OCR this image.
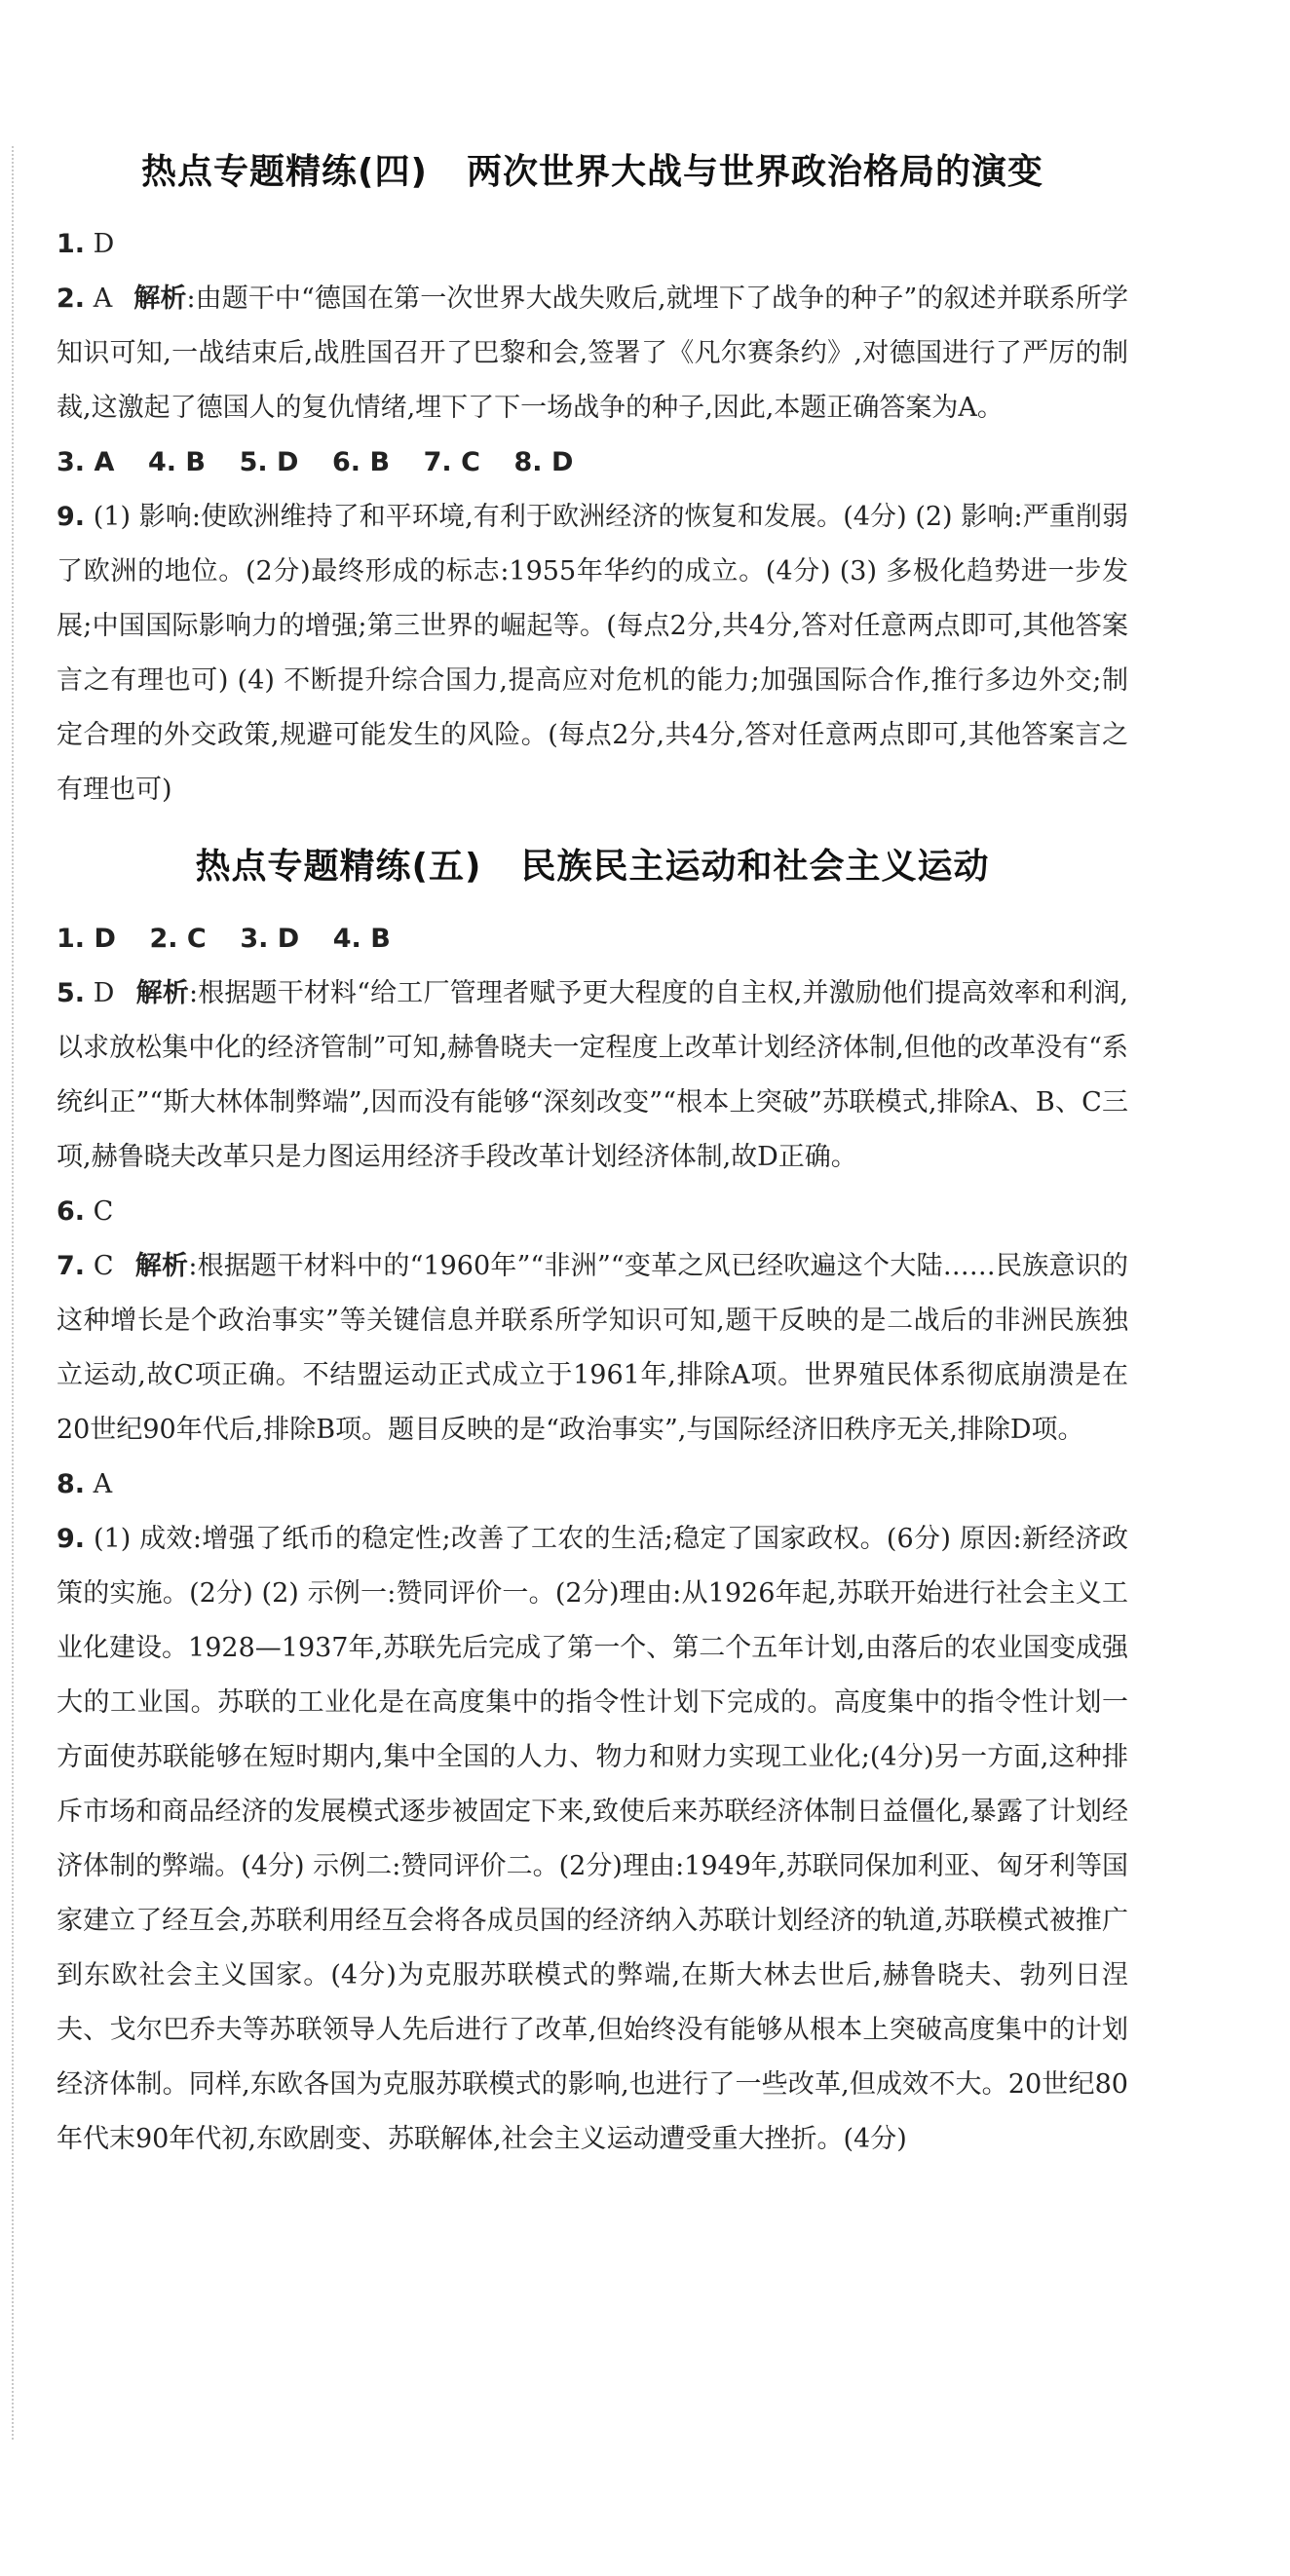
热点专题精练(四) 两次世界大战与世界政治格局的演变

1. D

2. A 解析:由题干中“德国在第一次世界大战失败后,就埋下了战争的种子”的叙述并联系所学知识可知,一战结束后,战胜国召开了巴黎和会,签署了《凡尔赛条约》,对德国进行了严厉的制裁,这激起了德国人的复仇情绪,埋下了下一场战争的种子,因此,本题正确答案为A。

3. A 4. B 5. D 6. B 7. C 8. D

9. (1) 影响:使欧洲维持了和平环境,有利于欧洲经济的恢复和发展。(4分) (2) 影响:严重削弱了欧洲的地位。(2分)最终形成的标志:1955年华约的成立。(4分) (3) 多极化趋势进一步发展;中国国际影响力的增强;第三世界的崛起等。(每点2分,共4分,答对任意两点即可,其他答案言之有理也可) (4) 不断提升综合国力,提高应对危机的能力;加强国际合作,推行多边外交;制定合理的外交政策,规避可能发生的风险。(每点2分,共4分,答对任意两点即可,其他答案言之有理也可)

热点专题精练(五) 民族民主运动和社会主义运动

1. D 2. C 3. D 4. B

5. D 解析:根据题干材料“给工厂管理者赋予更大程度的自主权,并激励他们提高效率和利润,以求放松集中化的经济管制”可知,赫鲁晓夫一定程度上改革计划经济体制,但他的改革没有“系统纠正”“斯大林体制弊端”,因而没有能够“深刻改变”“根本上突破”苏联模式,排除A、B、C三项,赫鲁晓夫改革只是力图运用经济手段改革计划经济体制,故D正确。

6. C

7. C 解析:根据题干材料中的“1960年”“非洲”“变革之风已经吹遍这个大陆……民族意识的这种增长是个政治事实”等关键信息并联系所学知识可知,题干反映的是二战后的非洲民族独立运动,故C项正确。不结盟运动正式成立于1961年,排除A项。世界殖民体系彻底崩溃是在20世纪90年代后,排除B项。题目反映的是“政治事实”,与国际经济旧秩序无关,排除D项。

8. A

9. (1) 成效:增强了纸币的稳定性;改善了工农的生活;稳定了国家政权。(6分) 原因:新经济政策的实施。(2分) (2) 示例一:赞同评价一。(2分)理由:从1926年起,苏联开始进行社会主义工业化建设。1928—1937年,苏联先后完成了第一个、第二个五年计划,由落后的农业国变成强大的工业国。苏联的工业化是在高度集中的指令性计划下完成的。高度集中的指令性计划一方面使苏联能够在短时期内,集中全国的人力、物力和财力实现工业化;(4分)另一方面,这种排斥市场和商品经济的发展模式逐步被固定下来,致使后来苏联经济体制日益僵化,暴露了计划经济体制的弊端。(4分) 示例二:赞同评价二。(2分)理由:1949年,苏联同保加利亚、匈牙利等国家建立了经互会,苏联利用经互会将各成员国的经济纳入苏联计划经济的轨道,苏联模式被推广到东欧社会主义国家。(4分)为克服苏联模式的弊端,在斯大林去世后,赫鲁晓夫、勃列日涅夫、戈尔巴乔夫等苏联领导人先后进行了改革,但始终没有能够从根本上突破高度集中的计划经济体制。同样,东欧各国为克服苏联模式的影响,也进行了一些改革,但成效不大。20世纪80年代末90年代初,东欧剧变、苏联解体,社会主义运动遭受重大挫折。(4分)
